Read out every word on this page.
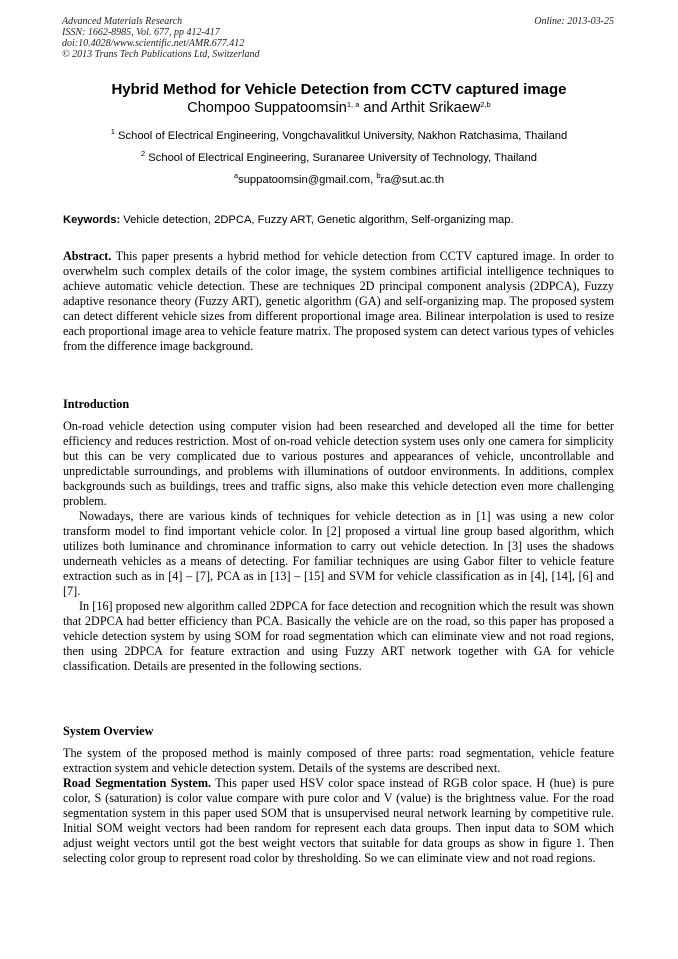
Advanced Materials Research
ISSN: 1662-8985, Vol. 677, pp 412-417
doi:10.4028/www.scientific.net/AMR.677.412
© 2013 Trans Tech Publications Ltd, Switzerland
Online: 2013-03-25
Hybrid Method for Vehicle Detection from CCTV captured image
Chompoo Suppatoomsin$^{1, a}$ and Arthit Srikaew$^{2,b}$
$^1$ School of Electrical Engineering, Vongchavalitkul University, Nakhon Ratchasima, Thailand
$^2$ School of Electrical Engineering, Suranaree University of Technology, Thailand
$^a$suppatoomsin@gmail.com, $^b$ra@sut.ac.th
Keywords: Vehicle detection, 2DPCA, Fuzzy ART, Genetic algorithm, Self-organizing map.

Abstract. This paper presents a hybrid method for vehicle detection from CCTV captured image. In order to overwhelm such complex details of the color image, the system combines artificial intelligence techniques to achieve automatic vehicle detection. These are techniques 2D principal component analysis (2DPCA), Fuzzy adaptive resonance theory (Fuzzy ART), genetic algorithm (GA) and self-organizing map. The proposed system can detect different vehicle sizes from different proportional image area. Bilinear interpolation is used to resize each proportional image area to vehicle feature matrix. The proposed system can detect various types of vehicles from the difference image background.

Introduction

On-road vehicle detection using computer vision had been researched and developed all the time for better efficiency and reduces restriction. Most of on-road vehicle detection system uses only one camera for simplicity but this can be very complicated due to various postures and appearances of vehicle, uncontrollable and unpredictable surroundings, and problems with illuminations of outdoor environments. In additions, complex backgrounds such as buildings, trees and traffic signs, also make this vehicle detection even more challenging problem.

Nowadays, there are various kinds of techniques for vehicle detection as in [1] was using a new color transform model to find important vehicle color. In [2] proposed a virtual line group based algorithm, which utilizes both luminance and chrominance information to carry out vehicle detection. In [3] uses the shadows underneath vehicles as a means of detecting. For familiar techniques are using Gabor filter to vehicle feature extraction such as in [4] – [7], PCA as in [13] – [15] and SVM for vehicle classification as in [4], [14], [6] and [7].

In [16] proposed new algorithm called 2DPCA for face detection and recognition which the result was shown that 2DPCA had better efficiency than PCA. Basically the vehicle are on the road, so this paper has proposed a vehicle detection system by using SOM for road segmentation which can eliminate view and not road regions, then using 2DPCA for feature extraction and using Fuzzy ART network together with GA for vehicle classification. Details are presented in the following sections.

System Overview

The system of the proposed method is mainly composed of three parts: road segmentation, vehicle feature extraction system and vehicle detection system. Details of the systems are described next.

Road Segmentation System. This paper used HSV color space instead of RGB color space. H (hue) is pure color, S (saturation) is color value compare with pure color and V (value) is the brightness value. For the road segmentation system in this paper used SOM that is unsupervised neural network learning by competitive rule. Initial SOM weight vectors had been random for represent each data groups. Then input data to SOM which adjust weight vectors until got the best weight vectors that suitable for data groups as show in figure 1. Then selecting color group to represent road color by thresholding. So we can eliminate view and not road regions.
